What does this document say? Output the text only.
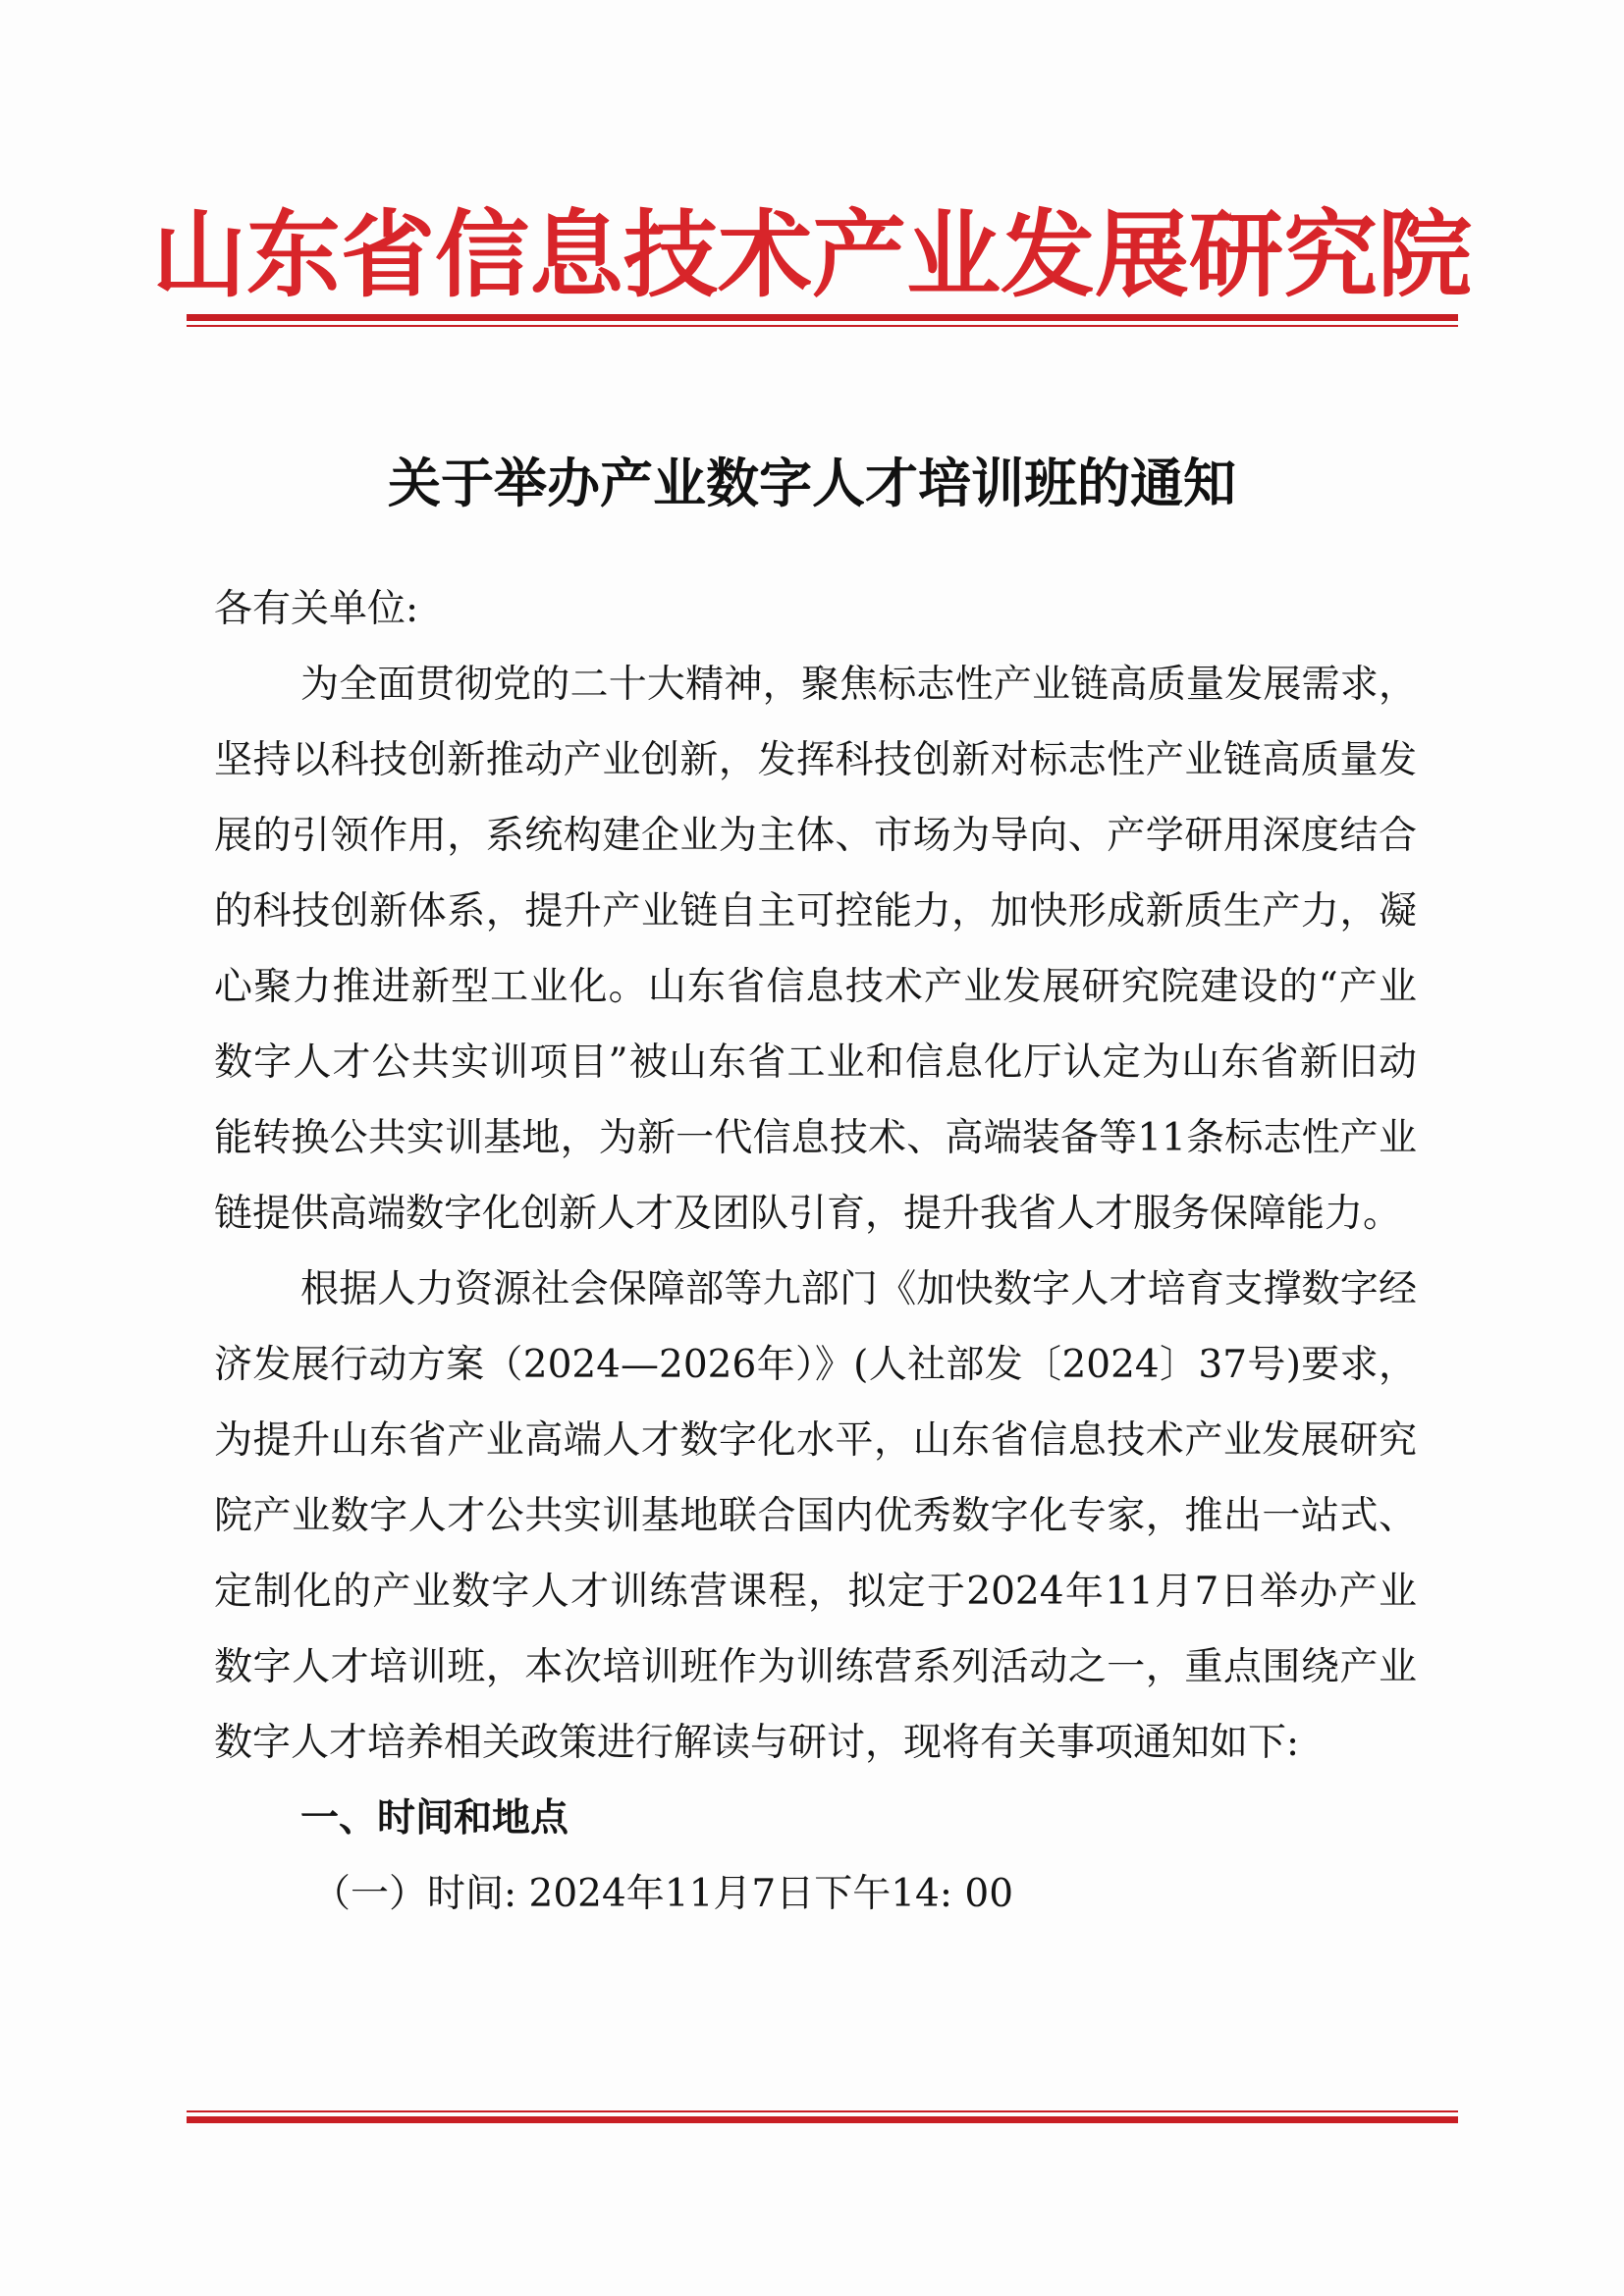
山东省信息技术产业发展研究院
关于举办产业数字人才培训班的通知
各有关单位:

为全面贯彻党的二十大精神，聚焦标志性产业链高质量发展需求，坚持以科技创新推动产业创新，发挥科技创新对标志性产业链高质量发展的引领作用，系统构建企业为主体、市场为导向、产学研用深度结合的科技创新体系，提升产业链自主可控能力，加快形成新质生产力，凝心聚力推进新型工业化。山东省信息技术产业发展研究院建设的“产业数字人才公共实训项目”被山东省工业和信息化厅认定为山东省新旧动能转换公共实训基地，为新一代信息技术、高端装备等11条标志性产业链提供高端数字化创新人才及团队引育，提升我省人才服务保障能力。

根据人力资源社会保障部等九部门《加快数字人才培育支撑数字经济发展行动方案（2024—2026年）》(人社部发〔2024〕37号)要求，为提升山东省产业高端人才数字化水平，山东省信息技术产业发展研究院产业数字人才公共实训基地联合国内优秀数字化专家，推出一站式、定制化的产业数字人才训练营课程，拟定于2024年11月7日举办产业数字人才培训班，本次培训班作为训练营系列活动之一，重点围绕产业数字人才培养相关政策进行解读与研讨，现将有关事项通知如下:

一、时间和地点
（一）时间: 2024年11月7日下午14: 00
